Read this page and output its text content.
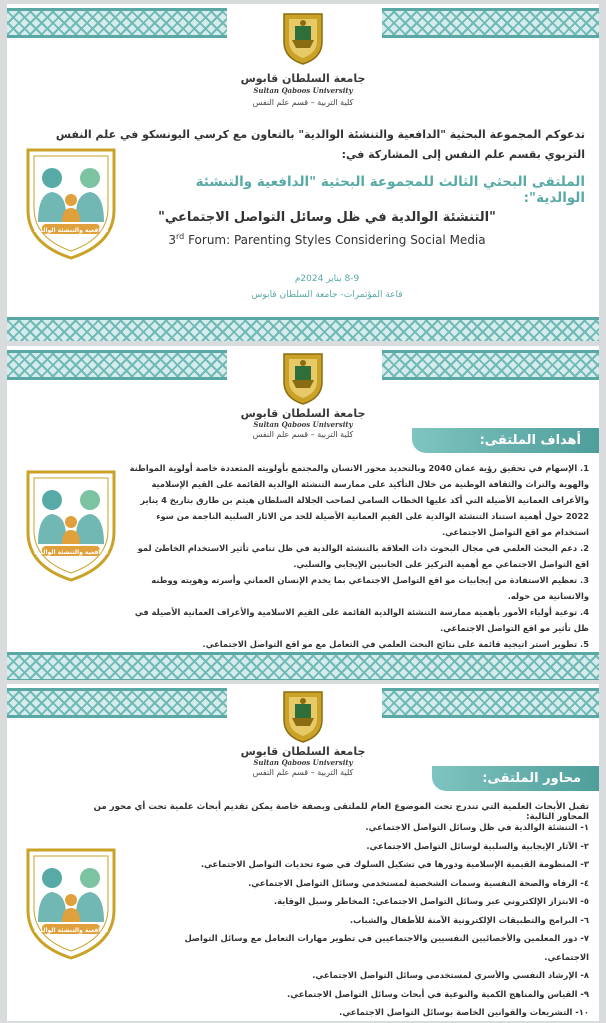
جامعة السلطان قابوس
Sultan Qaboos University
كلية التربية – قسم علم النفس
الدافعية والتنشئة الوالدية
تدعوكم المجموعة البحثية "الدافعية والتنشئة الوالدية" بالتعاون مع كرسي اليونسكو في علم النفس
التربوي بقسم علم النفس إلى المشاركة في:
الملتقى البحثي الثالث للمجموعة البحثية "الدافعية والتنشئة الوالدية":
"التنشئة الوالدية في ظل وسائل التواصل الاجتماعي"
3rd Forum: Parenting Styles Considering Social Media
8-9 يناير 2024م
قاعة المؤتمرات- جامعة السلطان قابوس
جامعة السلطان قابوس
Sultan Qaboos University
كلية التربية – قسم علم النفس	أهداف الملتقى:
الدافعية والتنشئة الوالدية

1. الإسهام في تحقيق رؤية عمان 2040 وبالتحديد محور الانسان والمجتمع بأولويته المتعددة خاصة أولوية المواطنة والهوية والتراث والثقافة الوطنية من خلال التأكيد على ممارسة التنشئة الوالدية القائمة على القيم الإسلامية والأعراف العمانية الأصيلة التي أكد عليها الخطاب السامي لصاحب الجلالة السلطان هيثم بن طارق بتاريخ 4 يناير 2022 حول أهمية استناد التنشئة الوالدية على القيم العمانية الأصيلة للحد من الاثار السلبية الناجمة من سوء استخدام مو اقع التواصل الاجتماعي.

2. دعم البحث العلمي في مجال البحوث ذات العلاقة بالتنشئة الوالدية في ظل تنامي تأثير الاستخدام الخاطئ لمو اقع التواصل الاجتماعي مع أهمية التركيز على الجانبين الإيجابي والسلبي.

3. تعظيم الاستفادة من إيجابيات مو اقع التواصل الاجتماعي بما يخدم الإنسان العماني وأسرته وهويته ووطنه والانسانية من حوله.

4. توعية أولياء الأمور بأهمية ممارسة التنشئة الوالدية القائمة على القيم الاسلامية والأعراف العمانية الأصيلة في ظل تأثير مو اقع التواصل الاجتماعي.

5. تطوير استر اتيجية قائمة على نتائج البحث العلمي في التعامل مع مو اقع التواصل الاجتماعي.

جامعة السلطان قابوس
Sultan Qaboos University
كلية التربية – قسم علم النفس	محاور الملتقى:
تقبل الأبحاث العلمية التي تندرج تحت الموضوع العام للملتقى وبصفة خاصة يمكن تقديم أبحاث علمية تحت أي محور من المحاور التالية:
الدافعية والتنشئة الوالدية

١- التنشئة الوالدية في ظل وسائل التواصل الاجتماعي.

٢- الآثار الإيجابية والسلبية لوسائل التواصل الاجتماعي.

٣- المنظومة القيمية الإسلامية ودورها في تشكيل السلوك في ضوء تحديات التواصل الاجتماعي.

٤- الرفاه والصحة النفسية وسمات الشخصية لمستخدمي وسائل التواصل الاجتماعي.

٥- الابتزاز الإلكتروني عبر وسائل التواصل الاجتماعي: المخاطر وسبل الوقاية.

٦- البرامج والتطبيقات الإلكترونية الآمنة للأطفال والشباب.

٧- دور المعلمين والأخصائيين النفسيين والاجتماعيين في تطوير مهارات التعامل مع وسائل التواصل الاجتماعي.

٨- الإرشاد النفسي والأسري لمستخدمي وسائل التواصل الاجتماعي.

٩- القياس والمناهج الكمية والنوعية في أبحاث وسائل التواصل الاجتماعي.

١٠- التشريعات والقوانين الخاصة بوسائل التواصل الاجتماعي.
